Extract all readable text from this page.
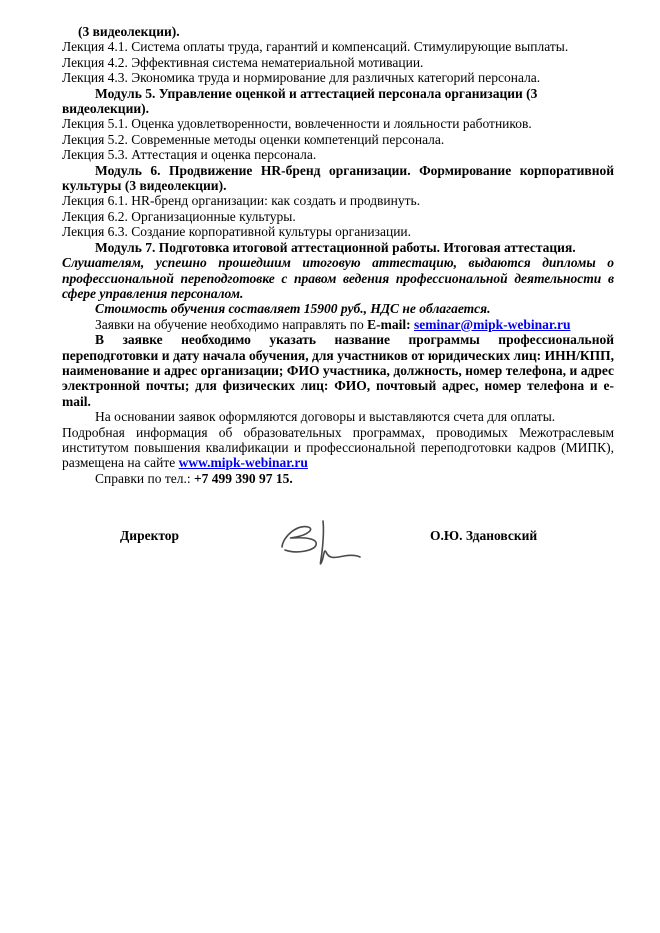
(3 видеолекции).

Лекция 4.1. Система оплаты труда, гарантий и компенсаций. Стимулирующие выплаты.

Лекция 4.2. Эффективная система нематериальной мотивации.

Лекция 4.3. Экономика труда и нормирование для различных категорий персонала.

Модуль 5. Управление оценкой и аттестацией персонала организации (3 видеолекции).

Лекция 5.1. Оценка удовлетворенности, вовлеченности и лояльности работников.

Лекция 5.2. Современные методы оценки компетенций персонала.

Лекция 5.3. Аттестация и оценка персонала.

Модуль 6. Продвижение HR-бренд организации. Формирование корпоративной культуры (3 видеолекции).

Лекция 6.1. HR-бренд организации: как создать и продвинуть.

Лекция 6.2. Организационные культуры.

Лекция 6.3. Создание корпоративной культуры организации.

Модуль 7. Подготовка итоговой аттестационной работы. Итоговая аттестация.

Слушателям, успешно прошедшим итоговую аттестацию, выдаются дипломы о профессиональной переподготовке с правом ведения профессиональной деятельности в сфере управления персоналом.

Стоимость обучения составляет 15900 руб., НДС не облагается.

Заявки на обучение необходимо направлять по E-mail: seminar@mipk-webinar.ru

В заявке необходимо указать название программы профессиональной переподготовки и дату начала обучения, для участников от юридических лиц: ИНН/КПП, наименование и адрес организации; ФИО участника, должность, номер телефона, и адрес электронной почты; для физических лиц: ФИО, почтовый адрес, номер телефона и e-mail.

На основании заявок оформляются договоры и выставляются счета для оплаты.

Подробная информация об образовательных программах, проводимых Межотраслевым институтом повышения квалификации и профессиональной переподготовки кадров (МИПК), размещена на сайте www.mipk-webinar.ru

Справки по тел.: +7 499 390 97 15.

Директор	О.Ю. Здановский
